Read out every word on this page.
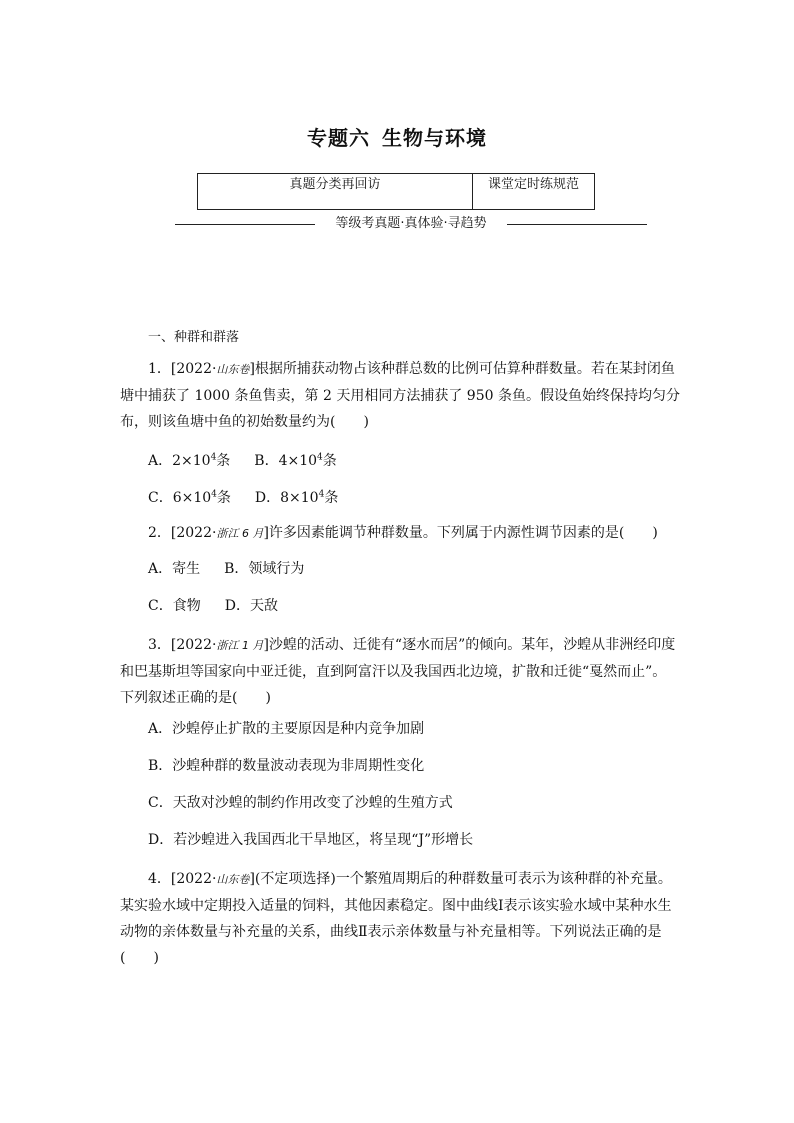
专题六 生物与环境
真题分类再回访	课堂定时练规范
等级考真题·真体验·寻趋势
一、种群和群落
1．[2022·山东卷]根据所捕获动物占该种群总数的比例可估算种群数量。若在某封闭鱼塘中捕获了 1000 条鱼售卖，第 2 天用相同方法捕获了 950 条鱼。假设鱼始终保持均匀分布，则该鱼塘中鱼的初始数量约为(　　)
A．$2\times 10^4$条 B．$4\times 10^4$条
C．$6\times 10^4$条 D．$8\times 10^4$条
2．[2022·浙江 6 月]许多因素能调节种群数量。下列属于内源性调节因素的是(　　)
A．寄生 B．领域行为
C．食物 D．天敌
3．[2022·浙江 1 月]沙蝗的活动、迁徙有“逐水而居”的倾向。某年，沙蝗从非洲经印度和巴基斯坦等国家向中亚迁徙，直到阿富汗以及我国西北边境，扩散和迁徙“戛然而止”。下列叙述正确的是(　　)
A．沙蝗停止扩散的主要原因是种内竞争加剧
B．沙蝗种群的数量波动表现为非周期性变化
C．天敌对沙蝗的制约作用改变了沙蝗的生殖方式
D．若沙蝗进入我国西北干旱地区，将呈现“J”形增长
4．[2022·山东卷](不定项选择)一个繁殖周期后的种群数量可表示为该种群的补充量。某实验水域中定期投入适量的饲料，其他因素稳定。图中曲线Ⅰ表示该实验水域中某种水生动物的亲体数量与补充量的关系，曲线Ⅱ表示亲体数量与补充量相等。下列说法正确的是(　　)
